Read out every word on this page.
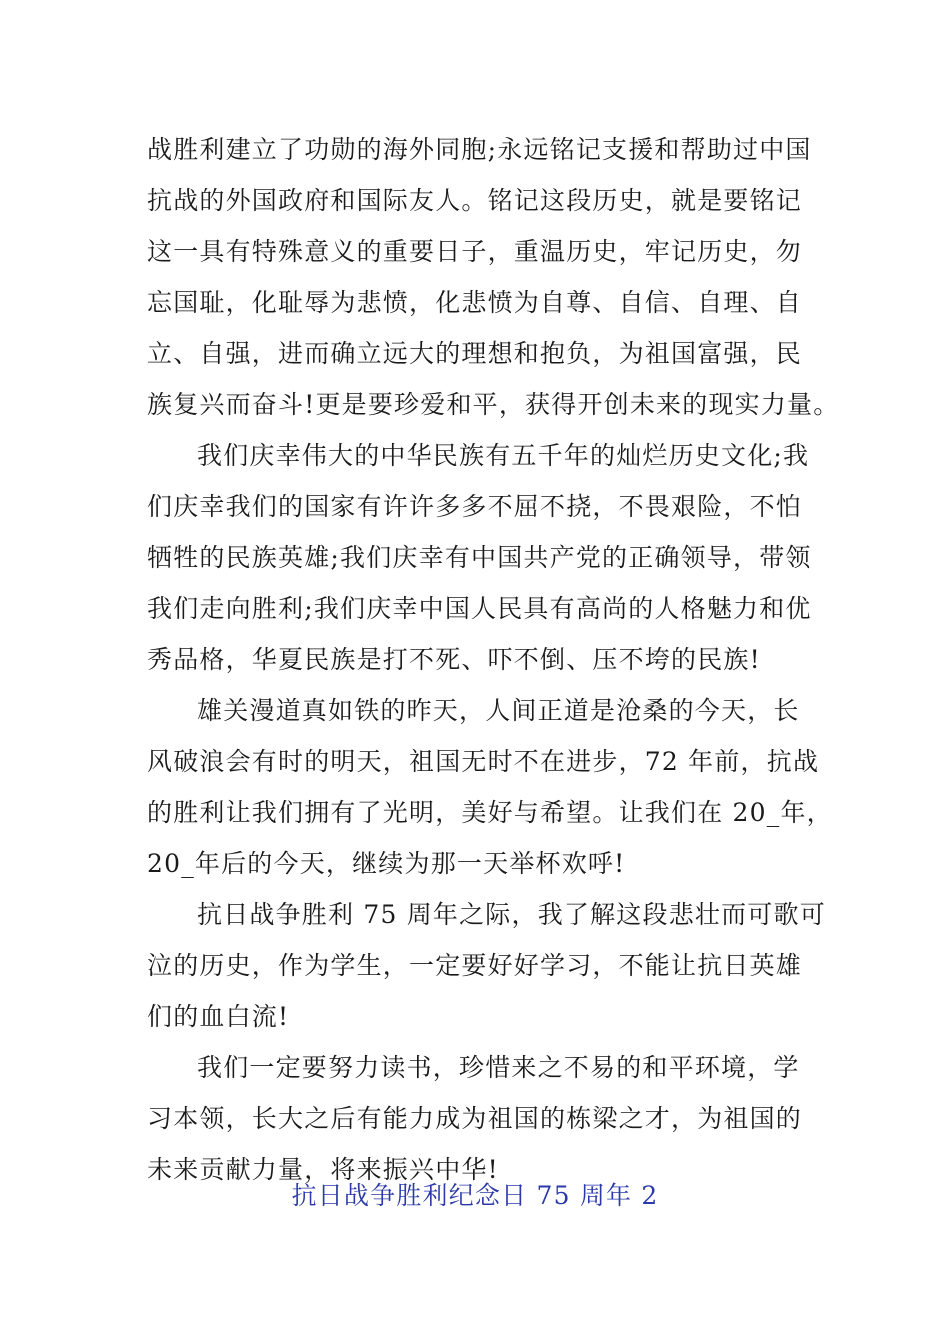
战胜利建立了功勋的海外同胞;永远铭记支援和帮助过中国
抗战的外国政府和国际友人。铭记这段历史，就是要铭记
这一具有特殊意义的重要日子，重温历史，牢记历史，勿
忘国耻，化耻辱为悲愤，化悲愤为自尊、自信、自理、自
立、自强，进而确立远大的理想和抱负，为祖国富强，民
族复兴而奋斗!更是要珍爱和平，获得开创未来的现实力量。
我们庆幸伟大的中华民族有五千年的灿烂历史文化;我
们庆幸我们的国家有许许多多不屈不挠，不畏艰险，不怕
牺牲的民族英雄;我们庆幸有中国共产党的正确领导，带领
我们走向胜利;我们庆幸中国人民具有高尚的人格魅力和优
秀品格，华夏民族是打不死、吓不倒、压不垮的民族!
雄关漫道真如铁的昨天，人间正道是沧桑的今天，长
风破浪会有时的明天，祖国无时不在进步，72 年前，抗战
的胜利让我们拥有了光明，美好与希望。让我们在 20_年，
20_年后的今天，继续为那一天举杯欢呼!
抗日战争胜利 75 周年之际，我了解这段悲壮而可歌可
泣的历史，作为学生，一定要好好学习，不能让抗日英雄
们的血白流!
我们一定要努力读书，珍惜来之不易的和平环境，学
习本领，长大之后有能力成为祖国的栋梁之才，为祖国的
未来贡献力量，将来振兴中华!
抗日战争胜利纪念日 75 周年 2
